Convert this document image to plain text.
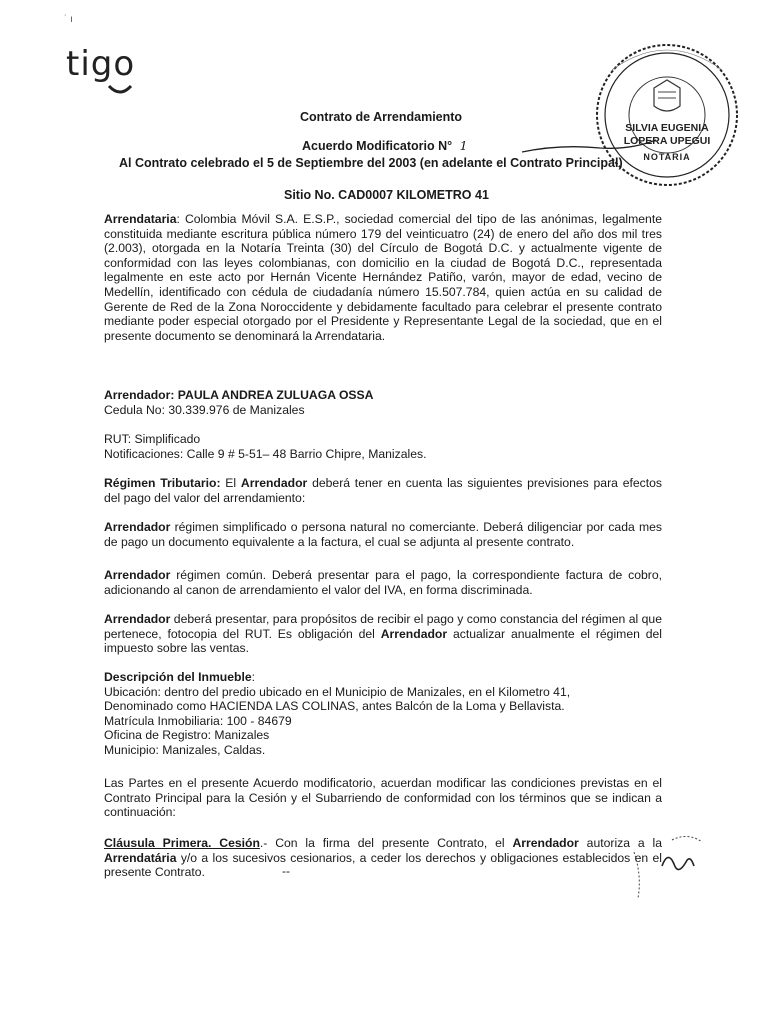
˙ ı
tigo
SILVIA EUGENIA
LOPERA UPEGUI
NOTARIA
Contrato de Arrendamiento
Acuerdo Modificatorio N° 1
Al Contrato celebrado el 5 de Septiembre del 2003 (en adelante el Contrato Principal)
Sitio No. CAD0007 KILOMETRO 41
Arrendataria: Colombia Móvil S.A. E.S.P., sociedad comercial del tipo de las anónimas, legalmente constituida mediante escritura pública número 179 del veinticuatro (24) de enero del año dos mil tres (2.003), otorgada en la Notaría Treinta (30) del Círculo de Bogotá D.C. y actualmente vigente de conformidad con las leyes colombianas, con domicilio en la ciudad de Bogotá D.C., representada legalmente en este acto por Hernán Vicente Hernández Patiño, varón, mayor de edad, vecino de Medellín, identificado con cédula de ciudadanía número 15.507.784, quien actúa en su calidad de Gerente de Red de la Zona Noroccidente y debidamente facultado para celebrar el presente contrato mediante poder especial otorgado por el Presidente y Representante Legal de la sociedad, que en el presente documento se denominará la Arrendataria.
Arrendador: PAULA ANDREA ZULUAGA OSSA
Cedula No: 30.339.976 de Manizales
RUT: Simplificado
Notificaciones: Calle 9 # 5-51– 48 Barrio Chipre, Manizales.
Régimen Tributario: El Arrendador deberá tener en cuenta las siguientes previsiones para efectos del pago del valor del arrendamiento:
Arrendador régimen simplificado o persona natural no comerciante. Deberá diligenciar por cada mes de pago un documento equivalente a la factura, el cual se adjunta al presente contrato.
Arrendador régimen común. Deberá presentar para el pago, la correspondiente factura de cobro, adicionando al canon de arrendamiento el valor del IVA, en forma discriminada.
Arrendador deberá presentar, para propósitos de recibir el pago y como constancia del régimen al que pertenece, fotocopia del RUT. Es obligación del Arrendador actualizar anualmente el régimen del impuesto sobre las ventas.
Descripción del Inmueble:
Ubicación: dentro del predio ubicado en el Municipio de Manizales, en el Kilometro 41,
Denominado como HACIENDA LAS COLINAS, antes Balcón de la Loma y Bellavista.
Matrícula Inmobiliaria: 100 - 84679
Oficina de Registro: Manizales
Municipio: Manizales, Caldas.
Las Partes en el presente Acuerdo modificatorio, acuerdan modificar las condiciones previstas en el Contrato Principal para la Cesión y el Subarriendo de conformidad con los términos que se indican a continuación:
Cláusula Primera. Cesión.- Con la firma del presente Contrato, el Arrendador autoriza a la Arrendatária y/o a los sucesivos cesionarios, a ceder los derechos y obligaciones establecidos en el presente Contrato.	--
